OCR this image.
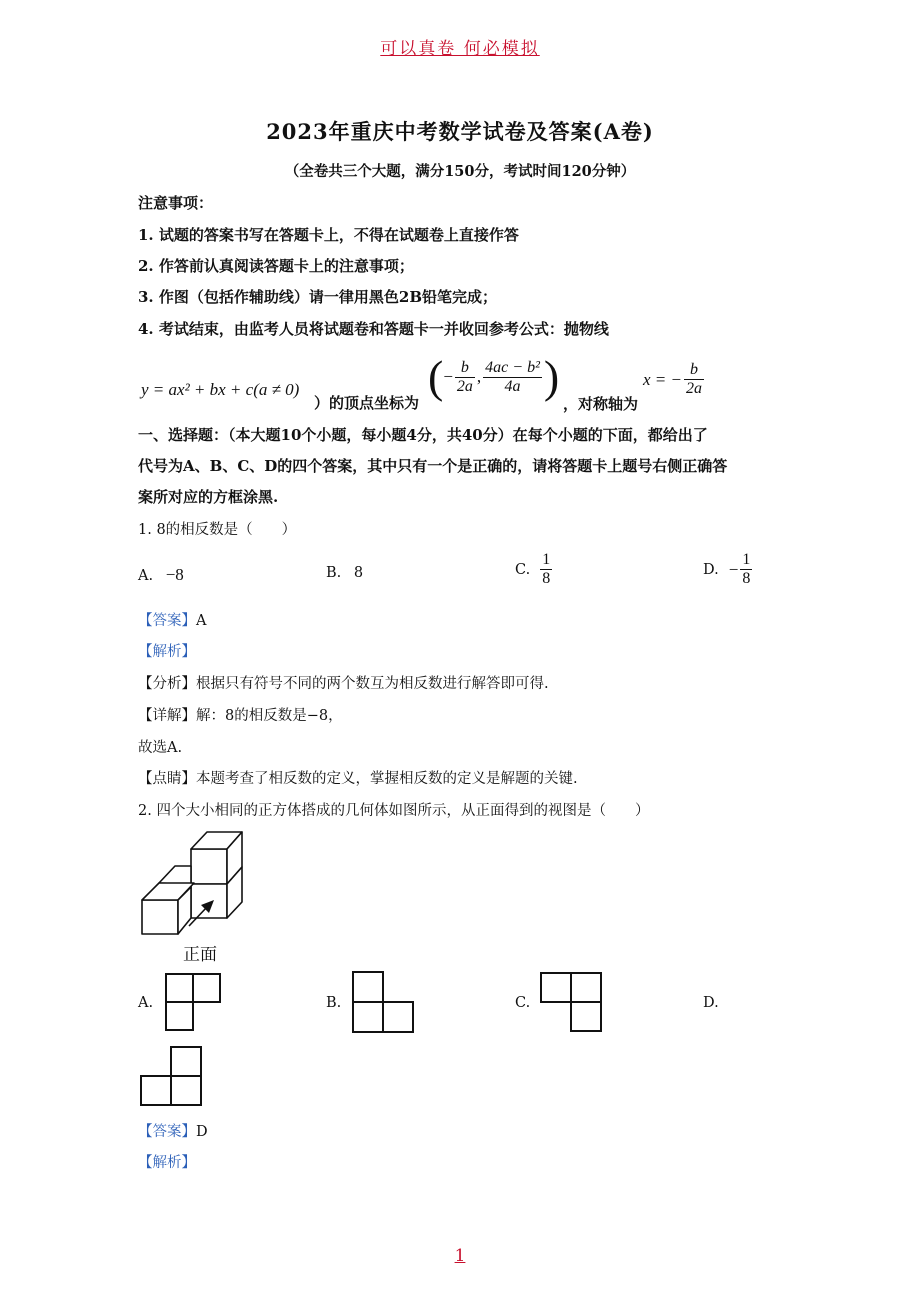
可以真卷 何必模拟
2023年重庆中考数学试卷及答案(A卷)
（全卷共三个大题，满分150分，考试时间120分钟）
注意事项：
1. 试题的答案书写在答题卡上，不得在试题卷上直接作答
2. 作答前认真阅读答题卡上的注意事项；
3. 作图（包括作辅助线）请一律用黑色2B铅笔完成；
4. 考试结束，由监考人员将试题卷和答题卡一并收回参考公式：抛物线
y = ax² + bx + c(a ≠ 0)
）的顶点坐标为
( − $\frac{b}{2a}$ , $\frac{\text{4ac − b²}}{4a}$ )
，对称轴为
x = − $\frac{b}{2a}$
一、选择题：（本大题10个小题，每小题4分，共40分）在每个小题的下面，都给出了
代号为A、B、C、D的四个答案，其中只有一个是正确的，请将答题卡上题号右侧正确答
案所对应的方框涂黑.
1. 8的相反数是（　　）
A. −8	B. 8	C. $\frac{1}{8}$	D. − $\frac{1}{8}$
【答案】A
【解析】
【分析】根据只有符号不同的两个数互为相反数进行解答即可得.
【详解】解：8的相反数是−8，
故选A.
【点睛】本题考查了相反数的定义，掌握相反数的定义是解题的关键.
2. 四个大小相同的正方体搭成的几何体如图所示，从正面得到的视图是（　　）
正面
A.	B.	C.	D.
【答案】D
【解析】
1
